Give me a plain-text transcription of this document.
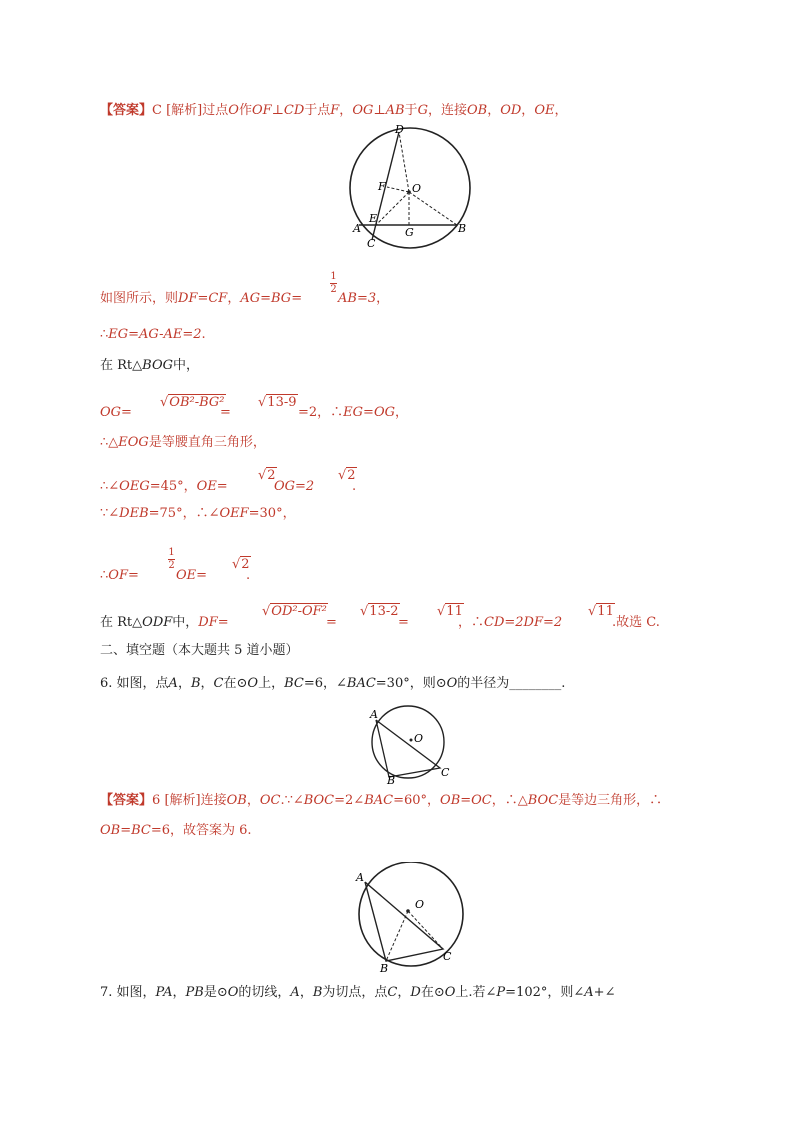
【答案】C [解析]过点O作OF⊥CD于点F，OG⊥AB于G，连接OB，OD，OE，
D
F O
E
A
C
G	B
如图所示，则DF=CF，AG=BG=
1
2
AB=3，
∴EG=AG-AE=2.
在 Rt△BOG中，
OG=
√OB²-BG²
=
√13-9
=2，∴EG=OG，
∴△EOG是等腰直角三角形，
∴∠OEG=45°，OE=
√2
OG=2
√2
.
∵∠DEB=75°，∴∠OEF=30°，
∴OF=
1
2
OE=
√2
.
在 Rt△ODF中，DF=
√OD²-OF²
=
√13-2
=
√11
，∴CD=2DF=2
√11
.故选 C.
二、填空题（本大题共 5 道小题）
6. 如图，点A，B，C在⊙O上，BC=6，∠BAC=30°，则⊙O的半径为________.
A
O
B
C
【答案】6 [解析]连接OB，OC.∵∠BOC=2∠BAC=60°，OB=OC，∴△BOC是等边三角形，∴
OB=BC=6，故答案为 6.
A
O
B
C
7. 如图，PA，PB是⊙O的切线，A，B为切点，点C，D在⊙O上.若∠P=102°，则∠A+∠
